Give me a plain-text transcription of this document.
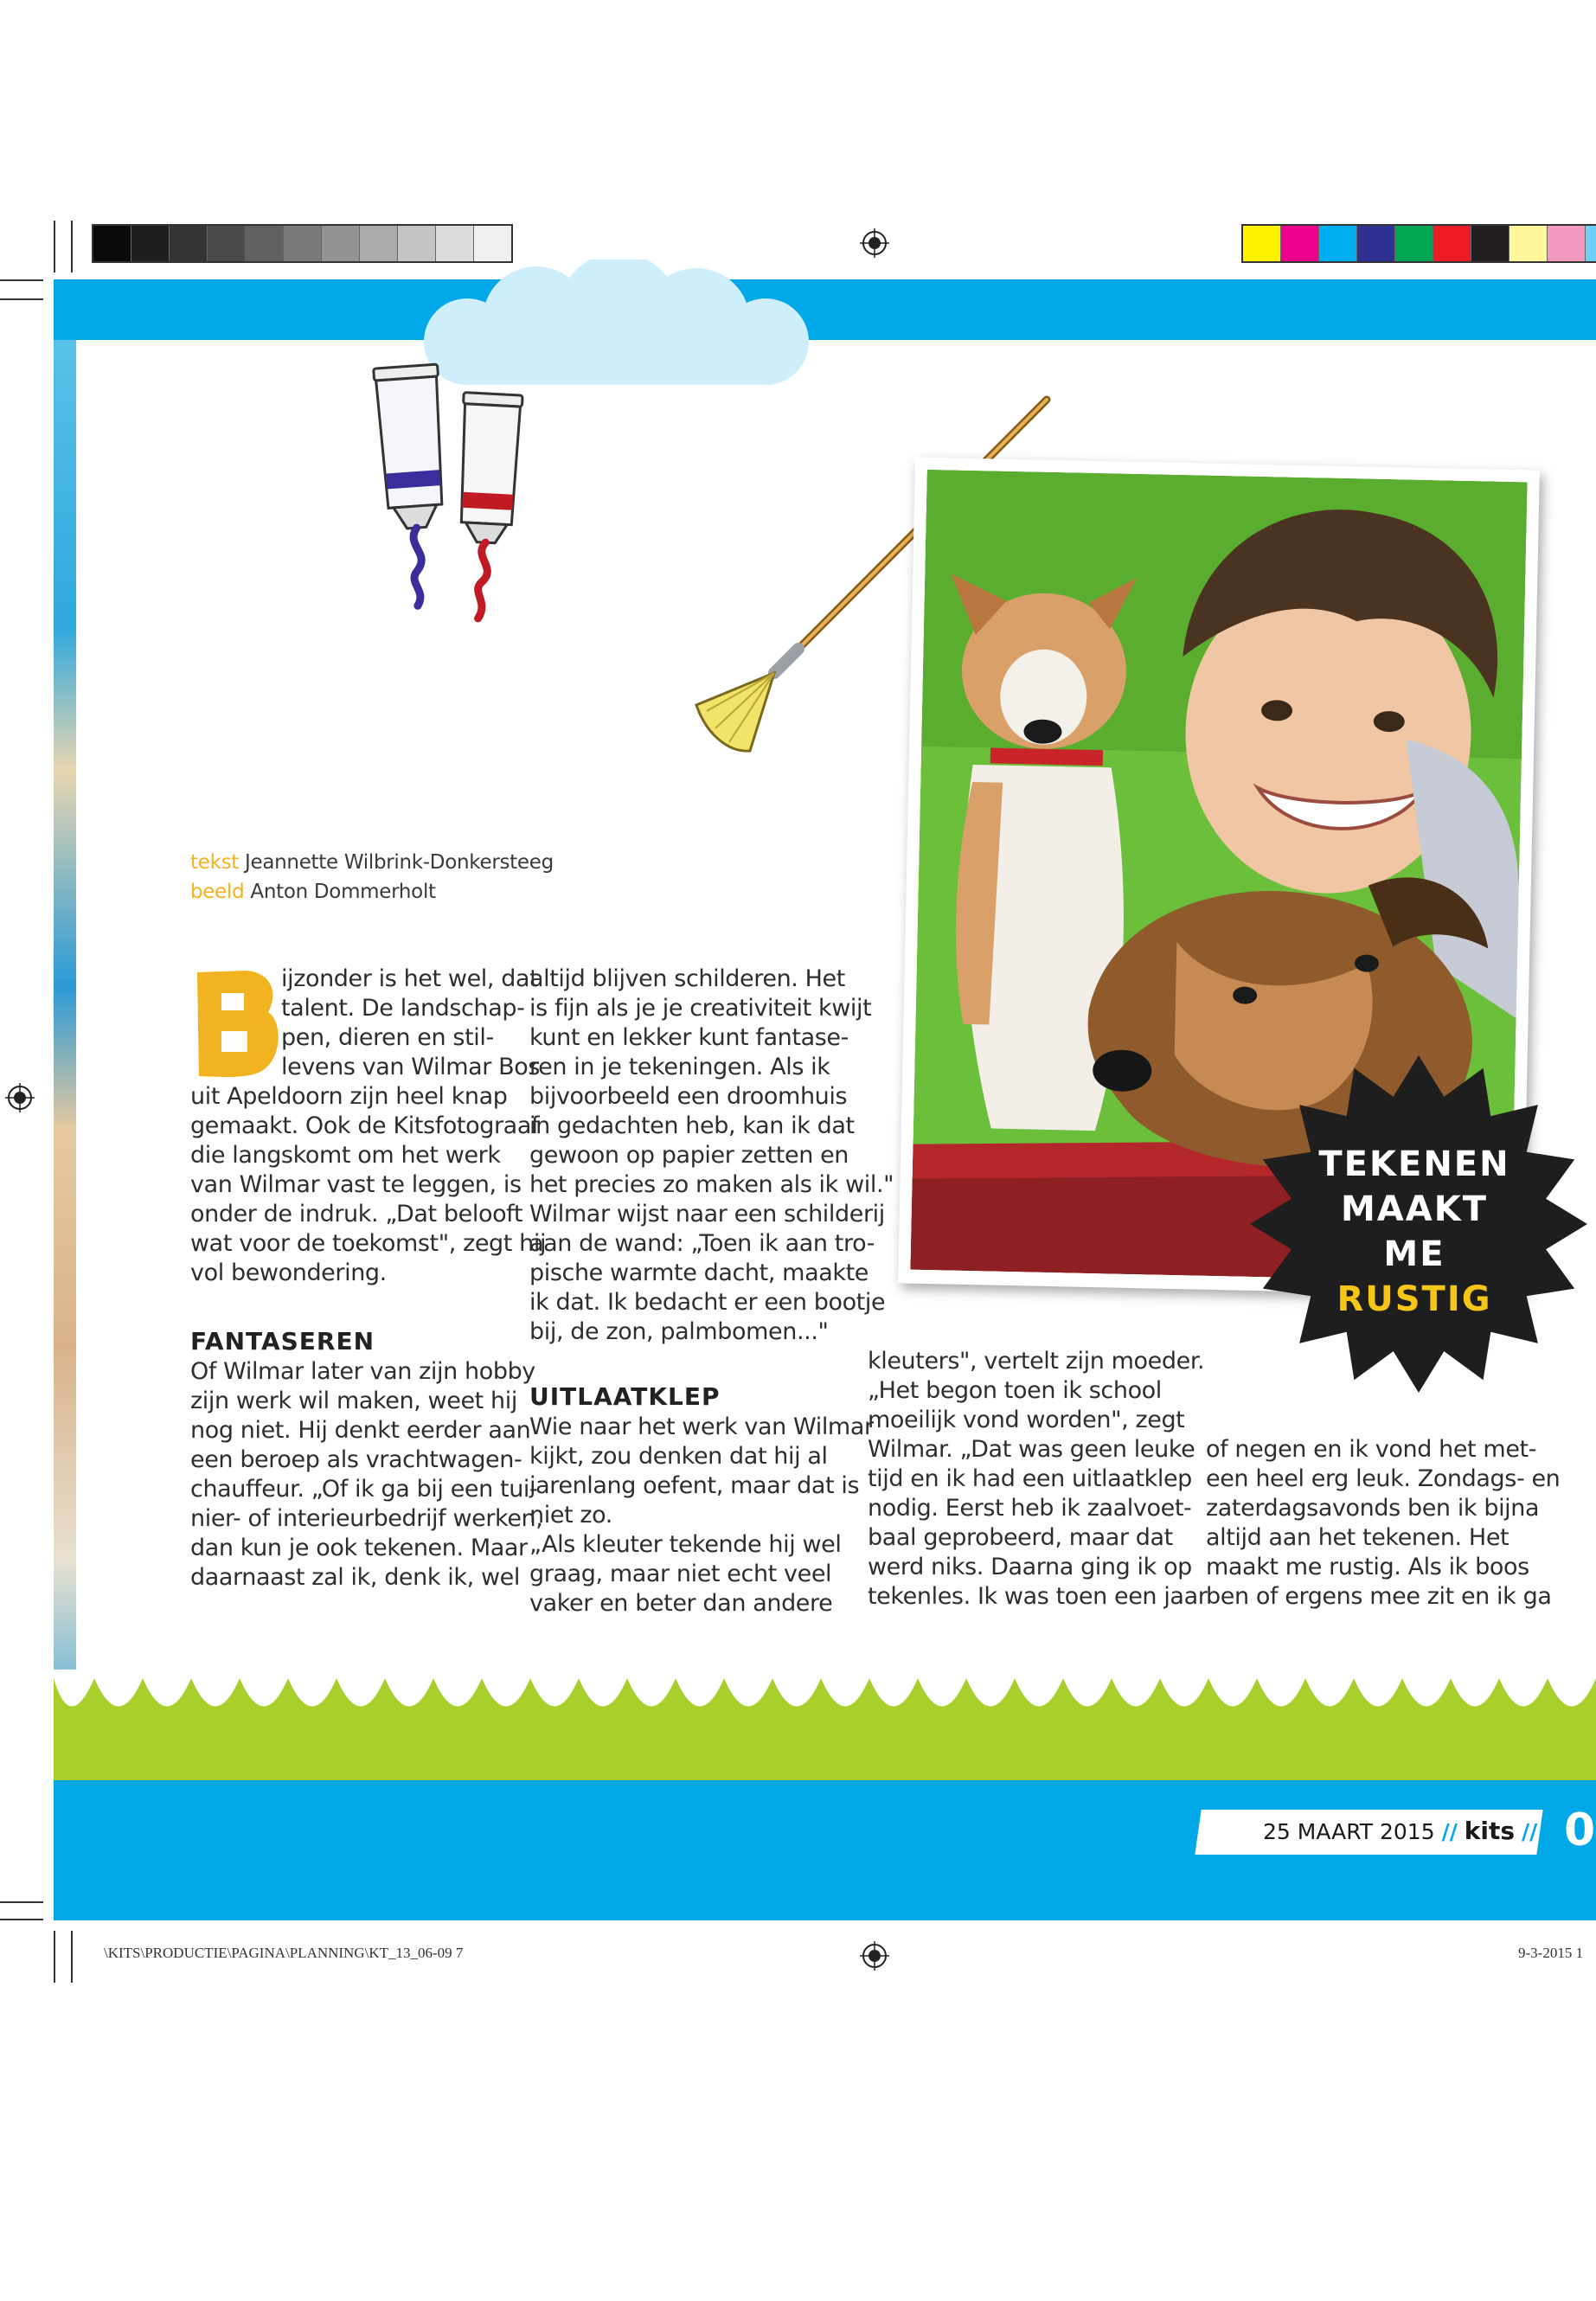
tekst Jeannette Wilbrink-Donkersteeg
beeld Anton Dommerholt
B	ijzonder is het wel, dat
talent. De landschap-
pen, dieren en stil-
levens van Wilmar Bos
uit Apeldoorn zijn heel knap
gemaakt. Ook de Kitsfotograaf
die langskomt om het werk
van Wilmar vast te leggen, is
onder de indruk. „Dat belooft
wat voor de toekomst", zegt hij
vol bewondering.
FANTASEREN
Of Wilmar later van zijn hobby
zijn werk wil maken, weet hij
nog niet. Hij denkt eerder aan
een beroep als vrachtwagen-
chauffeur. „Of ik ga bij een tui-
nier- of interieurbedrijf werken,
dan kun je ook tekenen. Maar
daarnaast zal ik, denk ik, wel
altijd blijven schilderen. Het
is fijn als je je creativiteit kwijt
kunt en lekker kunt fantase-
ren in je tekeningen. Als ik
bijvoorbeeld een droomhuis
in gedachten heb, kan ik dat
gewoon op papier zetten en
het precies zo maken als ik wil."
Wilmar wijst naar een schilderij
aan de wand: „Toen ik aan tro-
pische warmte dacht, maakte
ik dat. Ik bedacht er een bootje
bij, de zon, palmbomen..."
UITLAATKLEP
Wie naar het werk van Wilmar
kijkt, zou denken dat hij al
jarenlang oefent, maar dat is
niet zo.
„Als kleuter tekende hij wel
graag, maar niet echt veel
vaker en beter dan andere
kleuters", vertelt zijn moeder.
„Het begon toen ik school
moeilijk vond worden", zegt
Wilmar. „Dat was geen leuke
tijd en ik had een uitlaatklep
nodig. Eerst heb ik zaalvoet-
baal geprobeerd, maar dat
werd niks. Daarna ging ik op
tekenles. Ik was toen een jaar
of negen en ik vond het met-
een heel erg leuk. Zondags- en
zaterdagsavonds ben ik bijna
altijd aan het tekenen. Het
maakt me rustig. Als ik boos
ben of ergens mee zit en ik ga
TEKENEN
MAAKT
ME
RUSTIG
25 MAART 2015 // kits // 0
\KITS\PRODUCTIE\PAGINA\PLANNING\KT_13_06-09 7	9-3-2015 1
